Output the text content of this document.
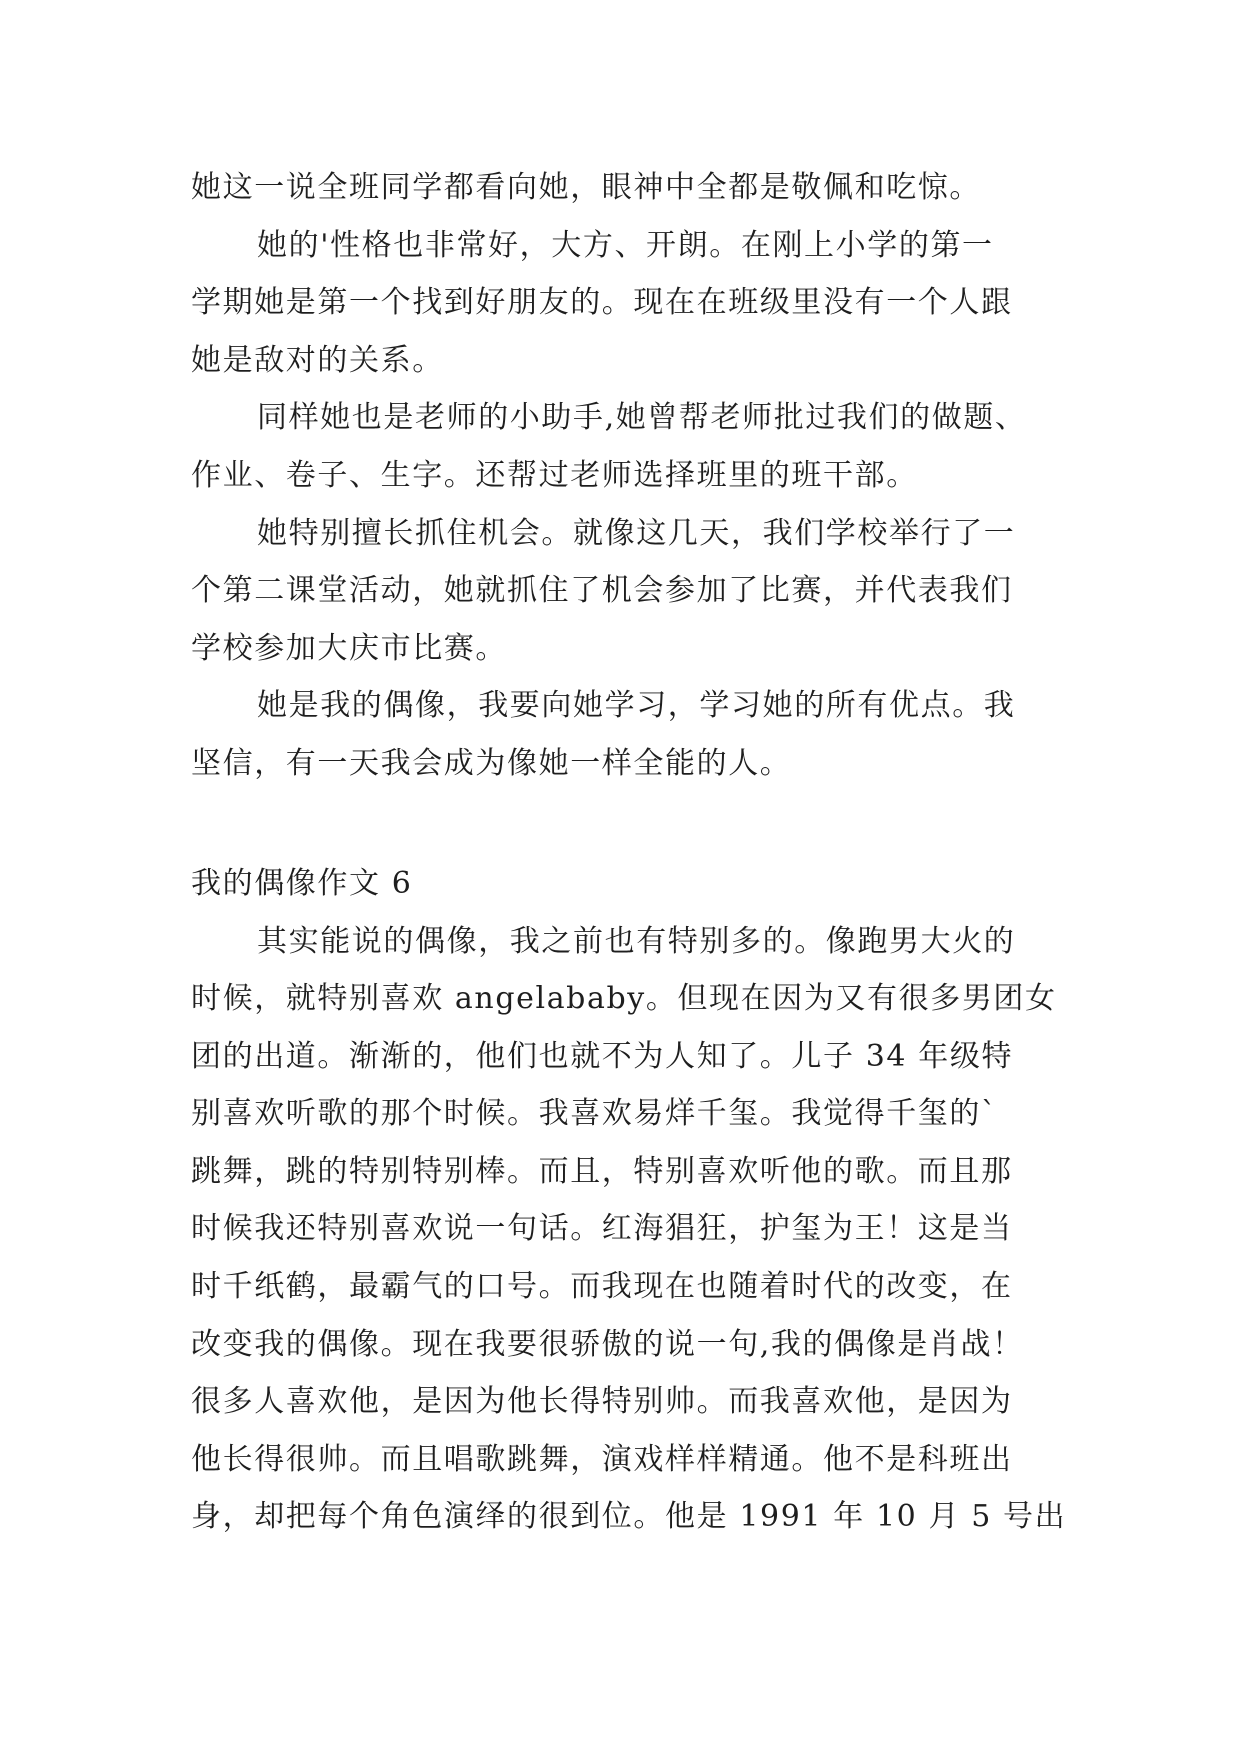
她这一说全班同学都看向她，眼神中全都是敬佩和吃惊。
她的'性格也非常好，大方、开朗。在刚上小学的第一
学期她是第一个找到好朋友的。现在在班级里没有一个人跟
她是敌对的关系。
同样她也是老师的小助手,她曾帮老师批过我们的做题、
作业、卷子、生字。还帮过老师选择班里的班干部。
她特别擅长抓住机会。就像这几天，我们学校举行了一
个第二课堂活动，她就抓住了机会参加了比赛，并代表我们
学校参加大庆市比赛。
她是我的偶像，我要向她学习，学习她的所有优点。我
坚信，有一天我会成为像她一样全能的人。
我的偶像作文 6
其实能说的偶像，我之前也有特别多的。像跑男大火的
时候，就特别喜欢 angelababy。但现在因为又有很多男团女
团的出道。渐渐的，他们也就不为人知了。儿子 34 年级特
别喜欢听歌的那个时候。我喜欢易烊千玺。我觉得千玺的`
跳舞，跳的特别特别棒。而且，特别喜欢听他的歌。而且那
时候我还特别喜欢说一句话。红海猖狂，护玺为王！这是当
时千纸鹤，最霸气的口号。而我现在也随着时代的改变，在
改变我的偶像。现在我要很骄傲的说一句,我的偶像是肖战！
很多人喜欢他，是因为他长得特别帅。而我喜欢他，是因为
他长得很帅。而且唱歌跳舞，演戏样样精通。他不是科班出
身，却把每个角色演绎的很到位。他是 1991 年 10 月 5 号出
